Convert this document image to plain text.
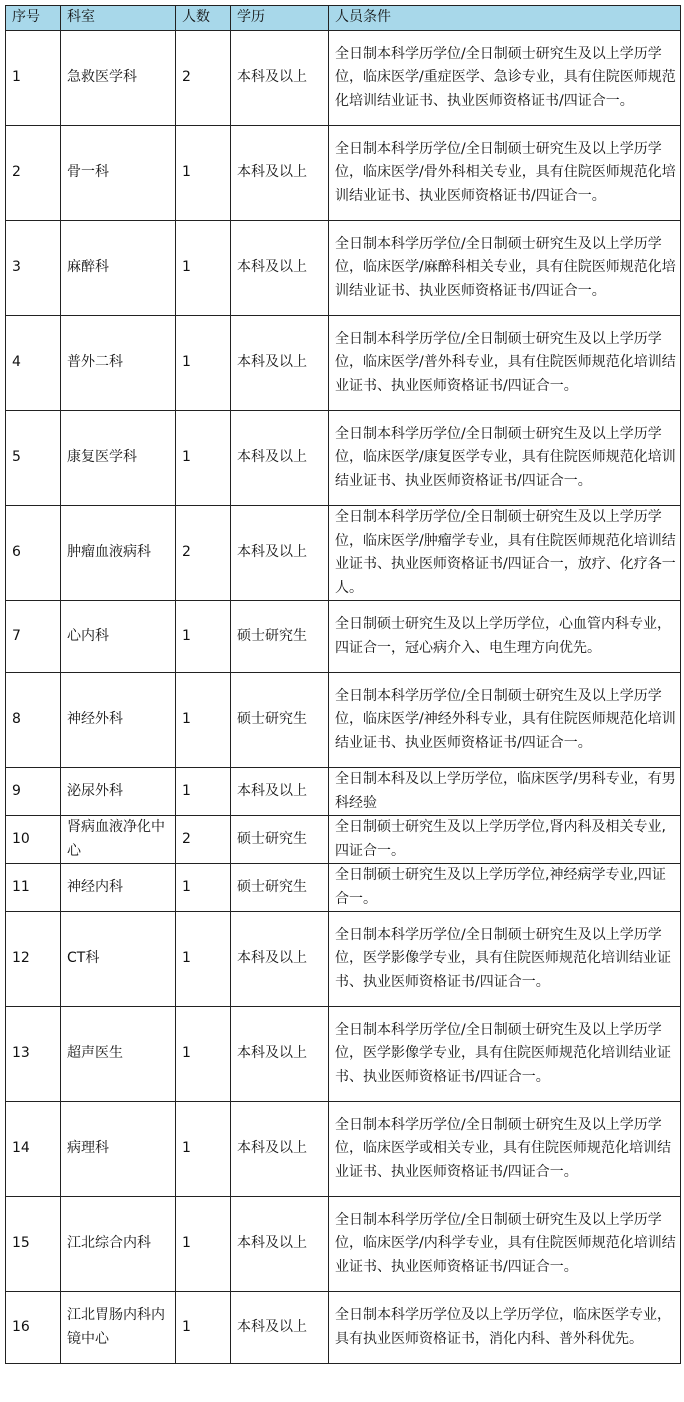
序号	科室	人数	学历	人员条件
1	急救医学科	2	本科及以上	全日制本科学历学位/全日制硕士研究生及以上学历学位，临床医学/重症医学、急诊专业，具有住院医师规范化培训结业证书、执业医师资格证书/四证合一。
2	骨一科	1	本科及以上	全日制本科学历学位/全日制硕士研究生及以上学历学位，临床医学/骨外科相关专业，具有住院医师规范化培训结业证书、执业医师资格证书/四证合一。
3	麻醉科	1	本科及以上	全日制本科学历学位/全日制硕士研究生及以上学历学位，临床医学/麻醉科相关专业，具有住院医师规范化培训结业证书、执业医师资格证书/四证合一。
4	普外二科	1	本科及以上	全日制本科学历学位/全日制硕士研究生及以上学历学位，临床医学/普外科专业，具有住院医师规范化培训结业证书、执业医师资格证书/四证合一。
5	康复医学科	1	本科及以上	全日制本科学历学位/全日制硕士研究生及以上学历学位，临床医学/康复医学专业，具有住院医师规范化培训结业证书、执业医师资格证书/四证合一。
6	肿瘤血液病科	2	本科及以上	全日制本科学历学位/全日制硕士研究生及以上学历学位，临床医学/肿瘤学专业，具有住院医师规范化培训结业证书、执业医师资格证书/四证合一，放疗、化疗各一人。
7	心内科	1	硕士研究生	全日制硕士研究生及以上学历学位，心血管内科专业，四证合一，冠心病介入、电生理方向优先。
8	神经外科	1	硕士研究生	全日制本科学历学位/全日制硕士研究生及以上学历学位，临床医学/神经外科专业，具有住院医师规范化培训结业证书、执业医师资格证书/四证合一。
9	泌尿外科	1	本科及以上	全日制本科及以上学历学位，临床医学/男科专业，有男科经验
10	肾病血液净化中心	2	硕士研究生	全日制硕士研究生及以上学历学位,肾内科及相关专业,四证合一。
11	神经内科	1	硕士研究生	全日制硕士研究生及以上学历学位,神经病学专业,四证合一。
12	CT科	1	本科及以上	全日制本科学历学位/全日制硕士研究生及以上学历学位，医学影像学专业，具有住院医师规范化培训结业证书、执业医师资格证书/四证合一。
13	超声医生	1	本科及以上	全日制本科学历学位/全日制硕士研究生及以上学历学位，医学影像学专业，具有住院医师规范化培训结业证书、执业医师资格证书/四证合一。
14	病理科	1	本科及以上	全日制本科学历学位/全日制硕士研究生及以上学历学位，临床医学或相关专业，具有住院医师规范化培训结业证书、执业医师资格证书/四证合一。
15	江北综合内科	1	本科及以上	全日制本科学历学位/全日制硕士研究生及以上学历学位，临床医学/内科学专业，具有住院医师规范化培训结业证书、执业医师资格证书/四证合一。
16	江北胃肠内科内镜中心	1	本科及以上	全日制本科学历学位及以上学历学位，临床医学专业，具有执业医师资格证书，消化内科、普外科优先。
